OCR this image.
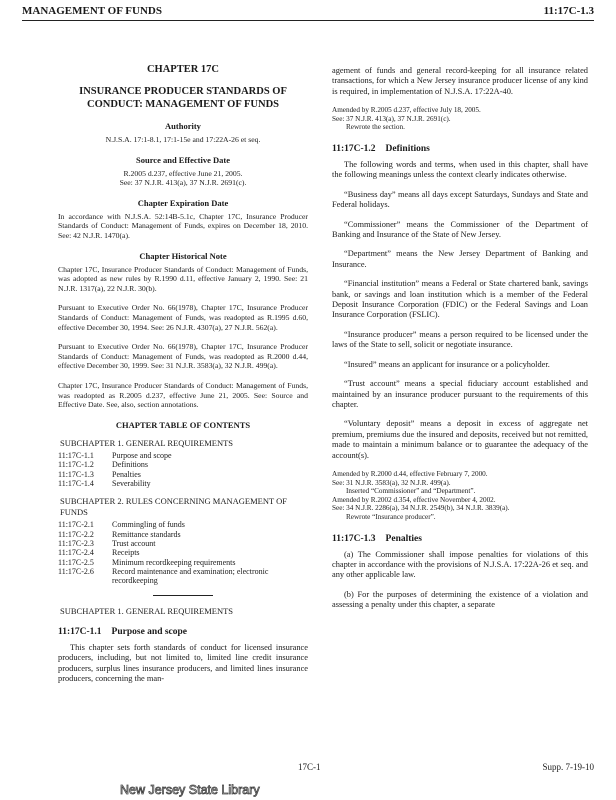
MANAGEMENT OF FUNDS	11:17C-1.3

CHAPTER 17C

INSURANCE PRODUCER STANDARDS OF CONDUCT: MANAGEMENT OF FUNDS

Authority

N.J.S.A. 17:1-8.1, 17:1-15e and 17:22A-26 et seq.

Source and Effective Date

R.2005 d.237, effective June 21, 2005.
See: 37 N.J.R. 413(a), 37 N.J.R. 2691(c).

Chapter Expiration Date

In accordance with N.J.S.A. 52:14B-5.1c, Chapter 17C, Insurance Producer Standards of Conduct: Management of Funds, expires on December 18, 2010. See: 42 N.J.R. 1470(a).

Chapter Historical Note

Chapter 17C, Insurance Producer Standards of Conduct: Management of Funds, was adopted as new rules by R.1990 d.11, effective January 2, 1990. See: 21 N.J.R. 1317(a), 22 N.J.R. 30(b).

Pursuant to Executive Order No. 66(1978), Chapter 17C, Insurance Producer Standards of Conduct: Management of Funds, was readopted as R.1995 d.60, effective December 30, 1994. See: 26 N.J.R. 4307(a), 27 N.J.R. 562(a).

Pursuant to Executive Order No. 66(1978), Chapter 17C, Insurance Producer Standards of Conduct: Management of Funds, was readopted as R.2000 d.44, effective December 30, 1999. See: 31 N.J.R. 3583(a), 32 N.J.R. 499(a).

Chapter 17C, Insurance Producer Standards of Conduct: Management of Funds, was readopted as R.2005 d.237, effective June 21, 2005. See: Source and Effective Date. See, also, section annotations.

CHAPTER TABLE OF CONTENTS

SUBCHAPTER 1. GENERAL REQUIREMENTS

11:17C-1.1	Purpose and scope
11:17C-1.2	Definitions
11:17C-1.3	Penalties
11:17C-1.4	Severability

SUBCHAPTER 2. RULES CONCERNING MANAGEMENT OF FUNDS

11:17C-2.1	Commingling of funds
11:17C-2.2	Remittance standards
11:17C-2.3	Trust account
11:17C-2.4	Receipts
11:17C-2.5	Minimum recordkeeping requirements
11:17C-2.6	Record maintenance and examination; electronic recordkeeping

SUBCHAPTER 1. GENERAL REQUIREMENTS

11:17C-1.1 Purpose and scope

This chapter sets forth standards of conduct for licensed insurance producers, including, but not limited to, limited line credit insurance producers, surplus lines insurance producers, and limited lines insurance producers, concerning the man-

agement of funds and general record-keeping for all insurance related transactions, for which a New Jersey insurance producer license of any kind is required, in implementation of N.J.S.A. 17:22A-40.

Amended by R.2005 d.237, effective July 18, 2005.
See: 37 N.J.R. 413(a), 37 N.J.R. 2691(c).
Rewrote the section.

11:17C-1.2 Definitions

The following words and terms, when used in this chapter, shall have the following meanings unless the context clearly indicates otherwise.

“Business day” means all days except Saturdays, Sundays and State and Federal holidays.

“Commissioner” means the Commissioner of the Department of Banking and Insurance of the State of New Jersey.

“Department” means the New Jersey Department of Banking and Insurance.

“Financial institution” means a Federal or State chartered bank, savings bank, or savings and loan institution which is a member of the Federal Deposit Insurance Corporation (FDIC) or the Federal Savings and Loan Insurance Corporation (FSLIC).

“Insurance producer” means a person required to be licensed under the laws of the State to sell, solicit or negotiate insurance.

“Insured” means an applicant for insurance or a policyholder.

“Trust account” means a special fiduciary account established and maintained by an insurance producer pursuant to the requirements of this chapter.

“Voluntary deposit” means a deposit in excess of aggregate net premium, premiums due the insured and deposits, received but not remitted, made to maintain a minimum balance or to guarantee the adequacy of the account(s).

Amended by R.2000 d.44, effective February 7, 2000.
See: 31 N.J.R. 3583(a), 32 N.J.R. 499(a).
Inserted “Commissioner” and “Department”.
Amended by R.2002 d.354, effective November 4, 2002.
See: 34 N.J.R. 2286(a), 34 N.J.R. 2549(b), 34 N.J.R. 3839(a).
Rewrote “Insurance producer”.

11:17C-1.3 Penalties

(a) The Commissioner shall impose penalties for violations of this chapter in accordance with the provisions of N.J.S.A. 17:22A-26 et seq. and any other applicable law.

(b) For the purposes of determining the existence of a violation and assessing a penalty under this chapter, a separate

17C-1	Supp. 7-19-10
New Jersey State Library
